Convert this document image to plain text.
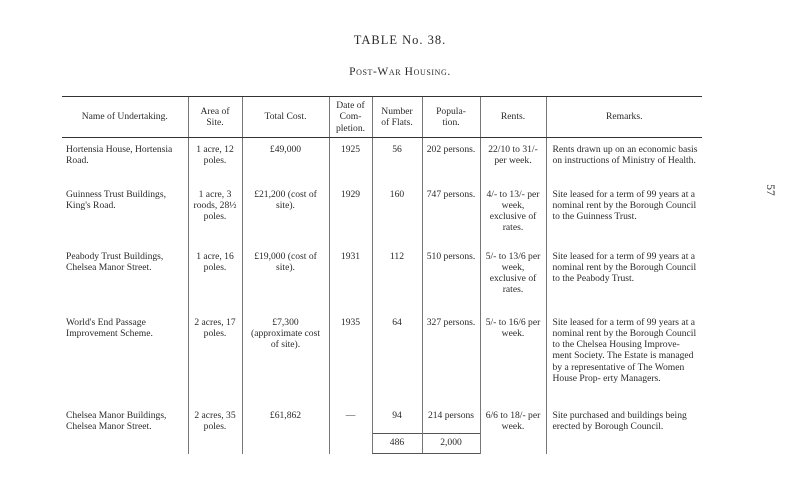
TABLE No. 38.
Post-War Housing.
57
Name of Undertaking.	Area of Site.	Total Cost.	Date of Com- pletion.	Number of Flats.	Popula- tion.	Rents.	Remarks.
Hortensia House, Hortensia Road.	1 acre, 12 poles.	£49,000	1925	56	202 persons.	22/10 to 31/- per week.	Rents drawn up on an economic basis on instructions of Ministry of Health.
Guinness Trust Buildings, King's Road.	1 acre, 3 roods, 28½ poles.	£21,200 (cost of site).	1929	160	747 persons.	4/- to 13/- per week, exclusive of rates.	Site leased for a term of 99 years at a nominal rent by the Borough Council to the Guinness Trust.
Peabody Trust Buildings, Chelsea Manor Street.	1 acre, 16 poles.	£19,000 (cost of site).	1931	112	510 persons.	5/- to 13/6 per week, exclusive of rates.	Site leased for a term of 99 years at a nominal rent by the Borough Council to the Peabody Trust.
World's End Passage Improvement Scheme.	2 acres, 17 poles.	£7,300 (approximate cost of site).	1935	64	327 persons.	5/- to 16/6 per week.	Site leased for a term of 99 years at a nominal rent by the Borough Council to the Chelsea Housing Improve- ment Society. The Estate is managed by a representative of The Women House Prop- erty Managers.
Chelsea Manor Buildings, Chelsea Manor Street.	2 acres, 35 poles.	£61,862	—	94	214 persons	6/6 to 18/- per week.	Site purchased and buildings being erected by Borough Council.
				486	2,000		
